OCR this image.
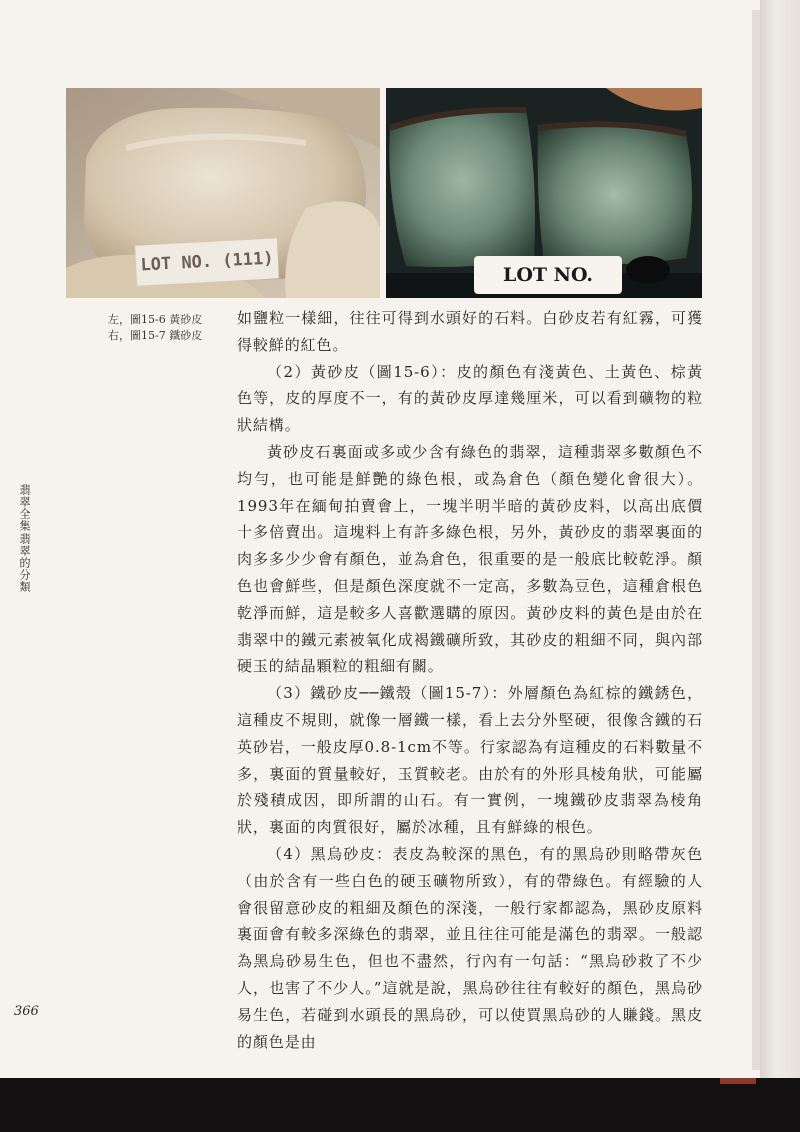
LOT NO. (111)	LOT NO.
左，圖15-6 黃砂皮
右，圖15-7 鐵砂皮
翡翠全集翡翠的分類

如鹽粒一樣細，往往可得到水頭好的石料。白砂皮若有紅霧，可獲得較鮮的紅色。

（2）黃砂皮（圖15-6）：皮的顏色有淺黃色、土黃色、棕黃色等，皮的厚度不一，有的黃砂皮厚達幾厘米，可以看到礦物的粒狀結構。

黃砂皮石裏面或多或少含有綠色的翡翠，這種翡翠多數顏色不均勻，也可能是鮮艷的綠色根，或為倉色（顏色變化會很大）。1993年在緬甸拍賣會上，一塊半明半暗的黃砂皮料，以高出底價十多倍賣出。這塊料上有許多綠色根，另外，黃砂皮的翡翠裏面的肉多多少少會有顏色，並為倉色，很重要的是一般底比較乾淨。顏色也會鮮些，但是顏色深度就不一定高，多數為豆色，這種倉根色乾淨而鮮，這是較多人喜歡選購的原因。黃砂皮料的黃色是由於在翡翠中的鐵元素被氧化成褐鐵礦所致，其砂皮的粗細不同，與內部硬玉的結晶顆粒的粗細有關。

（3）鐵砂皮──鐵殼（圖15-7）：外層顏色為紅棕的鐵銹色，這種皮不規則，就像一層鐵一樣，看上去分外堅硬，很像含鐵的石英砂岩，一般皮厚0.8-1cm不等。行家認為有這種皮的石料數量不多，裏面的質量較好，玉質較老。由於有的外形具棱角狀，可能屬於殘積成因，即所謂的山石。有一實例，一塊鐵砂皮翡翠為棱角狀，裏面的肉質很好，屬於冰種，且有鮮綠的根色。

（4）黑烏砂皮：表皮為較深的黑色，有的黑烏砂則略帶灰色（由於含有一些白色的硬玉礦物所致），有的帶綠色。有經驗的人會很留意砂皮的粗細及顏色的深淺，一般行家都認為，黑砂皮原料裏面會有較多深綠色的翡翠，並且往往可能是滿色的翡翠。一般認為黑烏砂易生色，但也不盡然，行內有一句話：“黑烏砂救了不少人，也害了不少人。”這就是說，黑烏砂往往有較好的顏色，黑烏砂易生色，若碰到水頭長的黑烏砂，可以使買黑烏砂的人賺錢。黑皮的顏色是由

366
